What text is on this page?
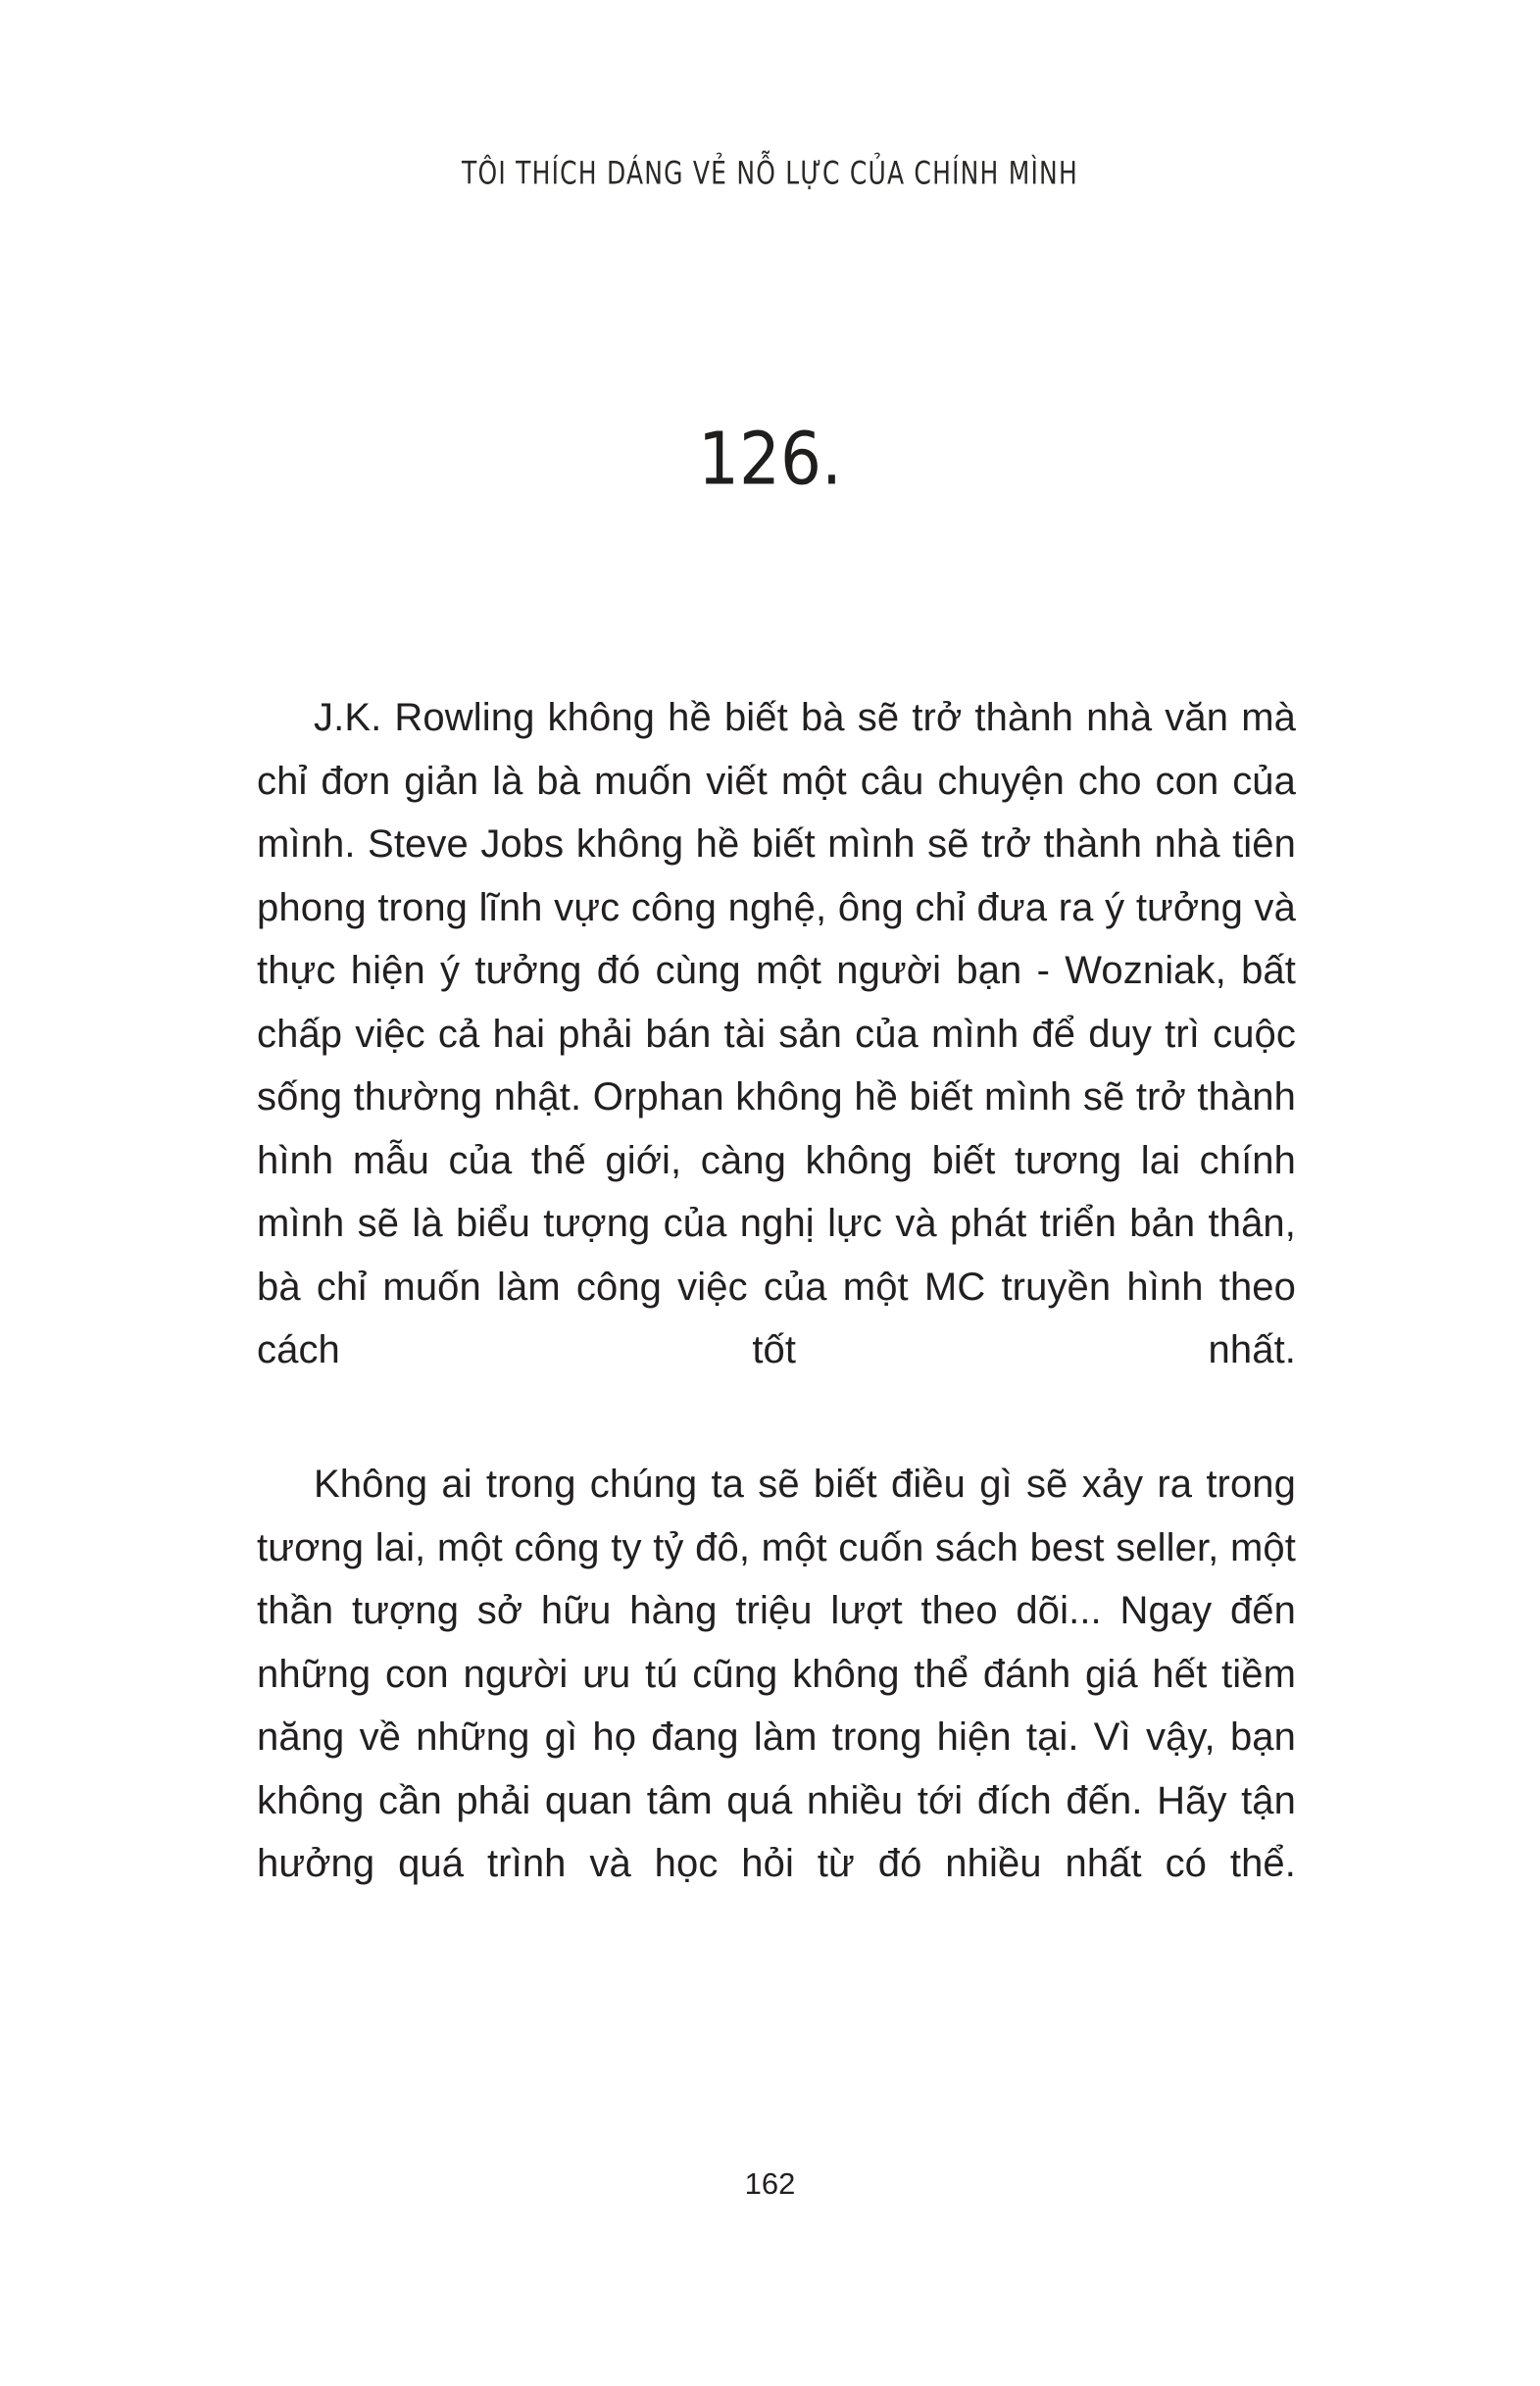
TÔI THÍCH DÁNG VẺ NỖ LỰC CỦA CHÍNH MÌNH
126.

J.K. Rowling không hề biết bà sẽ trở thành nhà văn mà chỉ đơn giản là bà muốn viết một câu chuyện cho con của mình. Steve Jobs không hề biết mình sẽ trở thành nhà tiên phong trong lĩnh vực công nghệ, ông chỉ đưa ra ý tưởng và thực hiện ý tưởng đó cùng một người bạn - Wozniak, bất chấp việc cả hai phải bán tài sản của mình để duy trì cuộc sống thường nhật. Orphan không hề biết mình sẽ trở thành hình mẫu của thế giới, càng không biết tương lai chính mình sẽ là biểu tượng của nghị lực và phát triển bản thân, bà chỉ muốn làm công việc của một MC truyền hình theo cách tốt nhất.

Không ai trong chúng ta sẽ biết điều gì sẽ xảy ra trong tương lai, một công ty tỷ đô, một cuốn sách best seller, một thần tượng sở hữu hàng triệu lượt theo dõi... Ngay đến những con người ưu tú cũng không thể đánh giá hết tiềm năng về những gì họ đang làm trong hiện tại. Vì vậy, bạn không cần phải quan tâm quá nhiều tới đích đến. Hãy tận hưởng quá trình và học hỏi từ đó nhiều nhất có thể.

162
